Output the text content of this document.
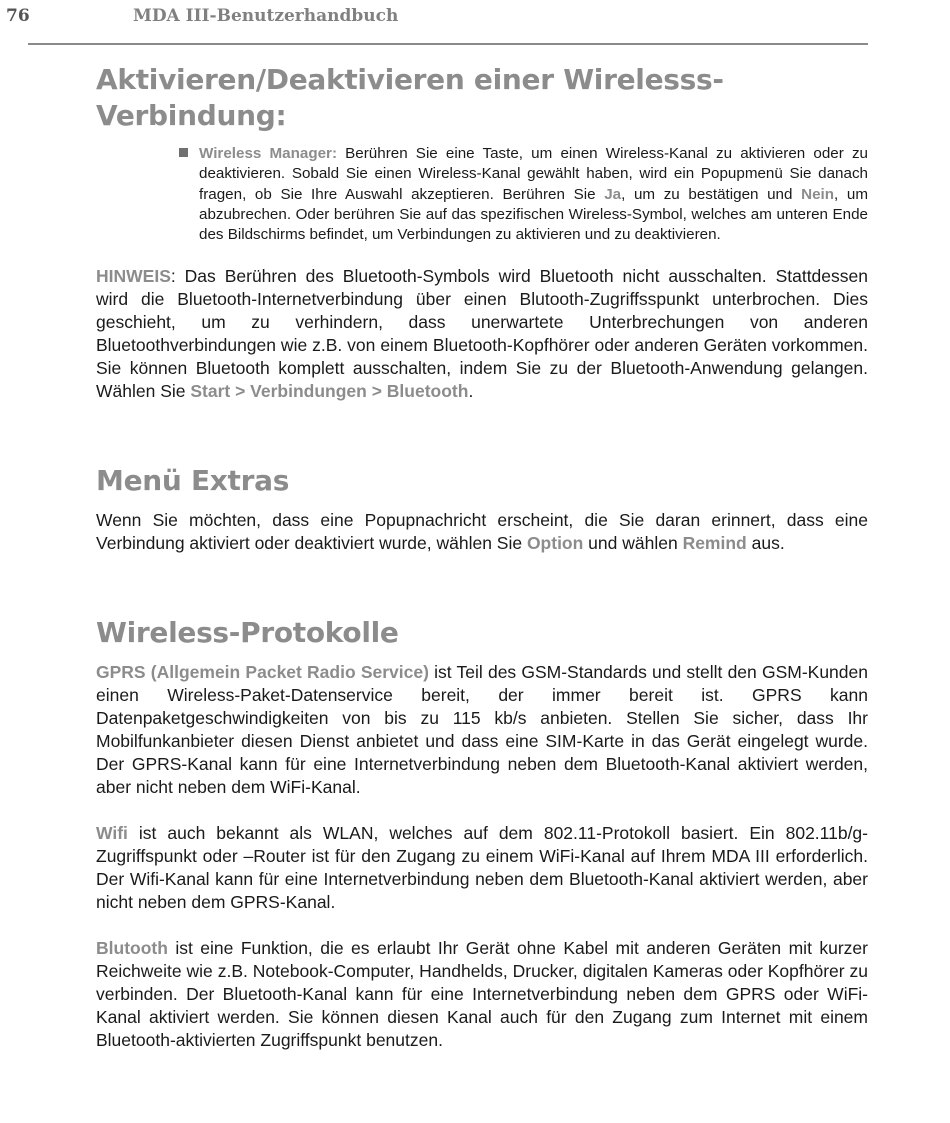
76	MDA III-Benutzerhandbuch
Aktivieren/Deaktivieren einer Wirelesss-Verbindung:
Wireless Manager: Berühren Sie eine Taste, um einen Wireless-Kanal zu aktivieren oder zu deaktivieren. Sobald Sie einen Wireless-Kanal gewählt haben, wird ein Popupmenü Sie danach fragen, ob Sie Ihre Auswahl akzeptieren. Berühren Sie Ja, um zu bestätigen und Nein, um abzubrechen. Oder berühren Sie auf das spezifischen Wireless-Symbol, welches am unteren Ende des Bildschirms befindet, um Verbindungen zu aktivieren und zu deaktivieren.

HINWEIS: Das Berühren des Bluetooth-Symbols wird Bluetooth nicht ausschalten. Stattdessen wird die Bluetooth-Internetverbindung über einen Blutooth-Zugriffsspunkt unterbrochen. Dies geschieht, um zu verhindern, dass unerwartete Unterbrechungen von anderen Bluetoothverbindungen wie z.B. von einem Bluetooth-Kopfhörer oder anderen Geräten vorkommen. Sie können Bluetooth komplett ausschalten, indem Sie zu der Bluetooth-Anwendung gelangen. Wählen Sie Start > Verbindungen > Bluetooth.

Menü Extras

Wenn Sie möchten, dass eine Popupnachricht erscheint, die Sie daran erinnert, dass eine Verbindung aktiviert oder deaktiviert wurde, wählen Sie Option und wählen Remind aus.

Wireless-Protokolle

GPRS (Allgemein Packet Radio Service) ist Teil des GSM-Standards und stellt den GSM-Kunden einen Wireless-Paket-Datenservice bereit, der immer bereit ist. GPRS kann Datenpaketgeschwindigkeiten von bis zu 115 kb/s anbieten. Stellen Sie sicher, dass Ihr Mobilfunkanbieter diesen Dienst anbietet und dass eine SIM-Karte in das Gerät eingelegt wurde. Der GPRS-Kanal kann für eine Internetverbindung neben dem Bluetooth-Kanal aktiviert werden, aber nicht neben dem WiFi-Kanal.

Wifi ist auch bekannt als WLAN, welches auf dem 802.11-Protokoll basiert. Ein 802.11b/g-Zugriffspunkt oder –Router ist für den Zugang zu einem WiFi-Kanal auf Ihrem MDA III erforderlich. Der Wifi-Kanal kann für eine Internetverbindung neben dem Bluetooth-Kanal aktiviert werden, aber nicht neben dem GPRS-Kanal.

Blutooth ist eine Funktion, die es erlaubt Ihr Gerät ohne Kabel mit anderen Geräten mit kurzer Reichweite wie z.B. Notebook-Computer, Handhelds, Drucker, digitalen Kameras oder Kopfhörer zu verbinden. Der Bluetooth-Kanal kann für eine Internetverbindung neben dem GPRS oder WiFi-Kanal aktiviert werden. Sie können diesen Kanal auch für den Zugang zum Internet mit einem Bluetooth-aktivierten Zugriffspunkt benutzen.
